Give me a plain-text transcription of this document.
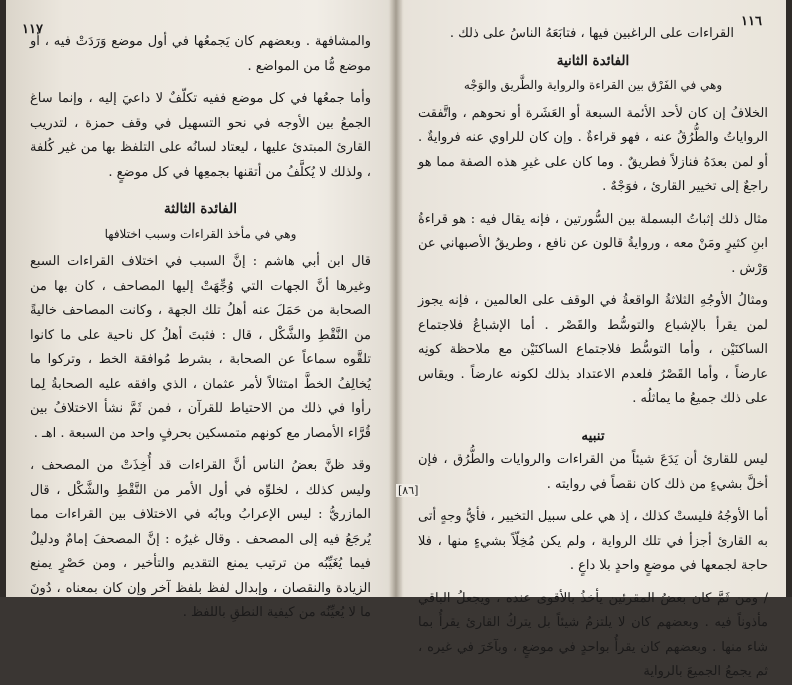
١١٧

والمشافهة . وبعضهم كان يَجمعُها في أول موضع وَرَدَتْ فيه ، أو موضع مُّا من المواضع .

وأما جمعُها في كل موضع ففيه تكلّفٌ لا داعيَ إليه ، وإنما ساغ الجمعُ بين الأوجه في نحو التسهيل في وقف حمزة ، لتدريب القارئ المبتدئ عليها ، ليعتاد لسانُه على التلفظ بها من غير كُلفة ، ولذلك لا يُكلَّفُ من أتقنها بجمعِها في كل موضعٍ .

الفائدة الثالثة
وهي في مأخذ القراءات وسبب اختلافها

قال ابن أبي هاشم : إنَّ السبب في اختلاف القراءات السبع وغيرها أنَّ الجهات التي وُجِّهَتْ إليها المصاحف ، كان بها من الصحابة من حَمَلَ عنه أهلُ تلك الجهة ، وكانت المصاحف خاليةً من النَّقْطِ والشَّكْل ، قال : فثبتَ أهلُ كل ناحية على ما كانوا تلقَّوه سماعاً عن الصحابة ، بشرط مُوافقة الخط ، وتركوا ما يُخالِفُ الخطَّ امتثالاً لأمر عثمان ، الذي وافقه عليه الصحابةُ لِما رأوا في ذلك من الاحتياط للقرآن ، فمن ثَمَّ نشأ الاختلافُ بين قُرَّاء الأمصار مع كونهم متمسكين بحرفٍ واحد من السبعة . اهـ .

وقد ظنَّ بعضُ الناس أنَّ القراءات قد أُخِذَتْ من المصحف ، وليس كذلك ، لخلوِّه في أول الأمر من النَّقْطِ والشَّكْل ، قال المازريُّ : ليس الإعرابُ وبابُه في الاختلاف بين القراءات مما يُرجَعُ فيه إلى المصحف . وقال غيرُه : إنَّ المصحفَ إمامٌ ودليلٌ فيما يُغَيِّبُه من ترتيب يمنع التقديم والتأخير ، ومن حَصْرٍ يمنع الزيادة والنقصان ، وإبدال لفظ بلفظ آخر وإن كان بمعناه ، دُونَ ما لا يُعيِّنُه من كيفية النطقِ باللفظ .

١١٦

القراءات على الراغبين فيها ، فتابَعَهُ الناسُ على ذلك .

الفائدة الثانية
وهي في الفَرْق بين القراءة والرواية والطَّريق والوَجْه

الخلافُ إن كان لأحد الأئمة السبعة أو العَشَرة أو نحوهم ، واتَّفقت الرواياتُ والطُّرُقُ عنه ، فهو قراءةٌ . وإن كان للراوي عنه فروايةٌ . أو لمن بعدَهُ فنازلاً فطريقٌ . وما كان على غيرِ هذه الصفة مما هو راجعٌ إلى تخيير القارئ ، فوَجْهٌ .

مثال ذلك إثباتُ البسملة بين السُّورتين ، فإنه يقال فيه : هو قراءةُ ابنِ كثيرٍ ومَنْ معه ، وروايةُ قالون عن نافع ، وطريقُ الأصبهاني عن وَرْش .

ومثالُ الأوجُهِ الثلاثةُ الواقعةُ في الوقف على العالمين ، فإنه يجوز لمن يقرأ بالإشباع والتوسُّط والقَصْر . أما الإشباعُ فلاجتماع الساكنَيْن ، وأما التوسُّط فلاجتماع الساكنَيْن مع ملاحظة كونِه عارضاً ، وأما القَصْرُ فلعدم الاعتداد بذلك لكونه عارضاً . ويقاس على ذلك جميعُ ما يماثلُه .

تنبيه

ليس للقارئ أن يَدَعَ شيئاً من القراءات والروايات والطُّرُق ، فإن أخلَّ بشيءٍ من ذلك كان نقصاً في روايته .

أما الأوجُهُ فليستْ كذلك ، إذ هي على سبيل التخيير ، فأيُّ وجهٍ أتى به القارئ أجزأ في تلك الرواية ، ولم يكن مُخِلّاً بشيءٍ منها ، فلا حاجة لجمعها في موضعٍ واحدٍ بلا داعٍ .

/ ومن ثَمَّ كان بعضُ المقرئين يأخذُ بالأقوى عنده ، ويجعلُ الباقي مأذوناً فيه . وبعضهم كان لا يلتزمُ شيئاً بل يتركُ القارئ يقرأُ بما شاء منها . وبعضهم كان يقرأُ بواحدٍ في موضعٍ ، وبآخَرَ في غيره ، ثم يجمعُ الجميعَ بالرواية

[٨٦]
